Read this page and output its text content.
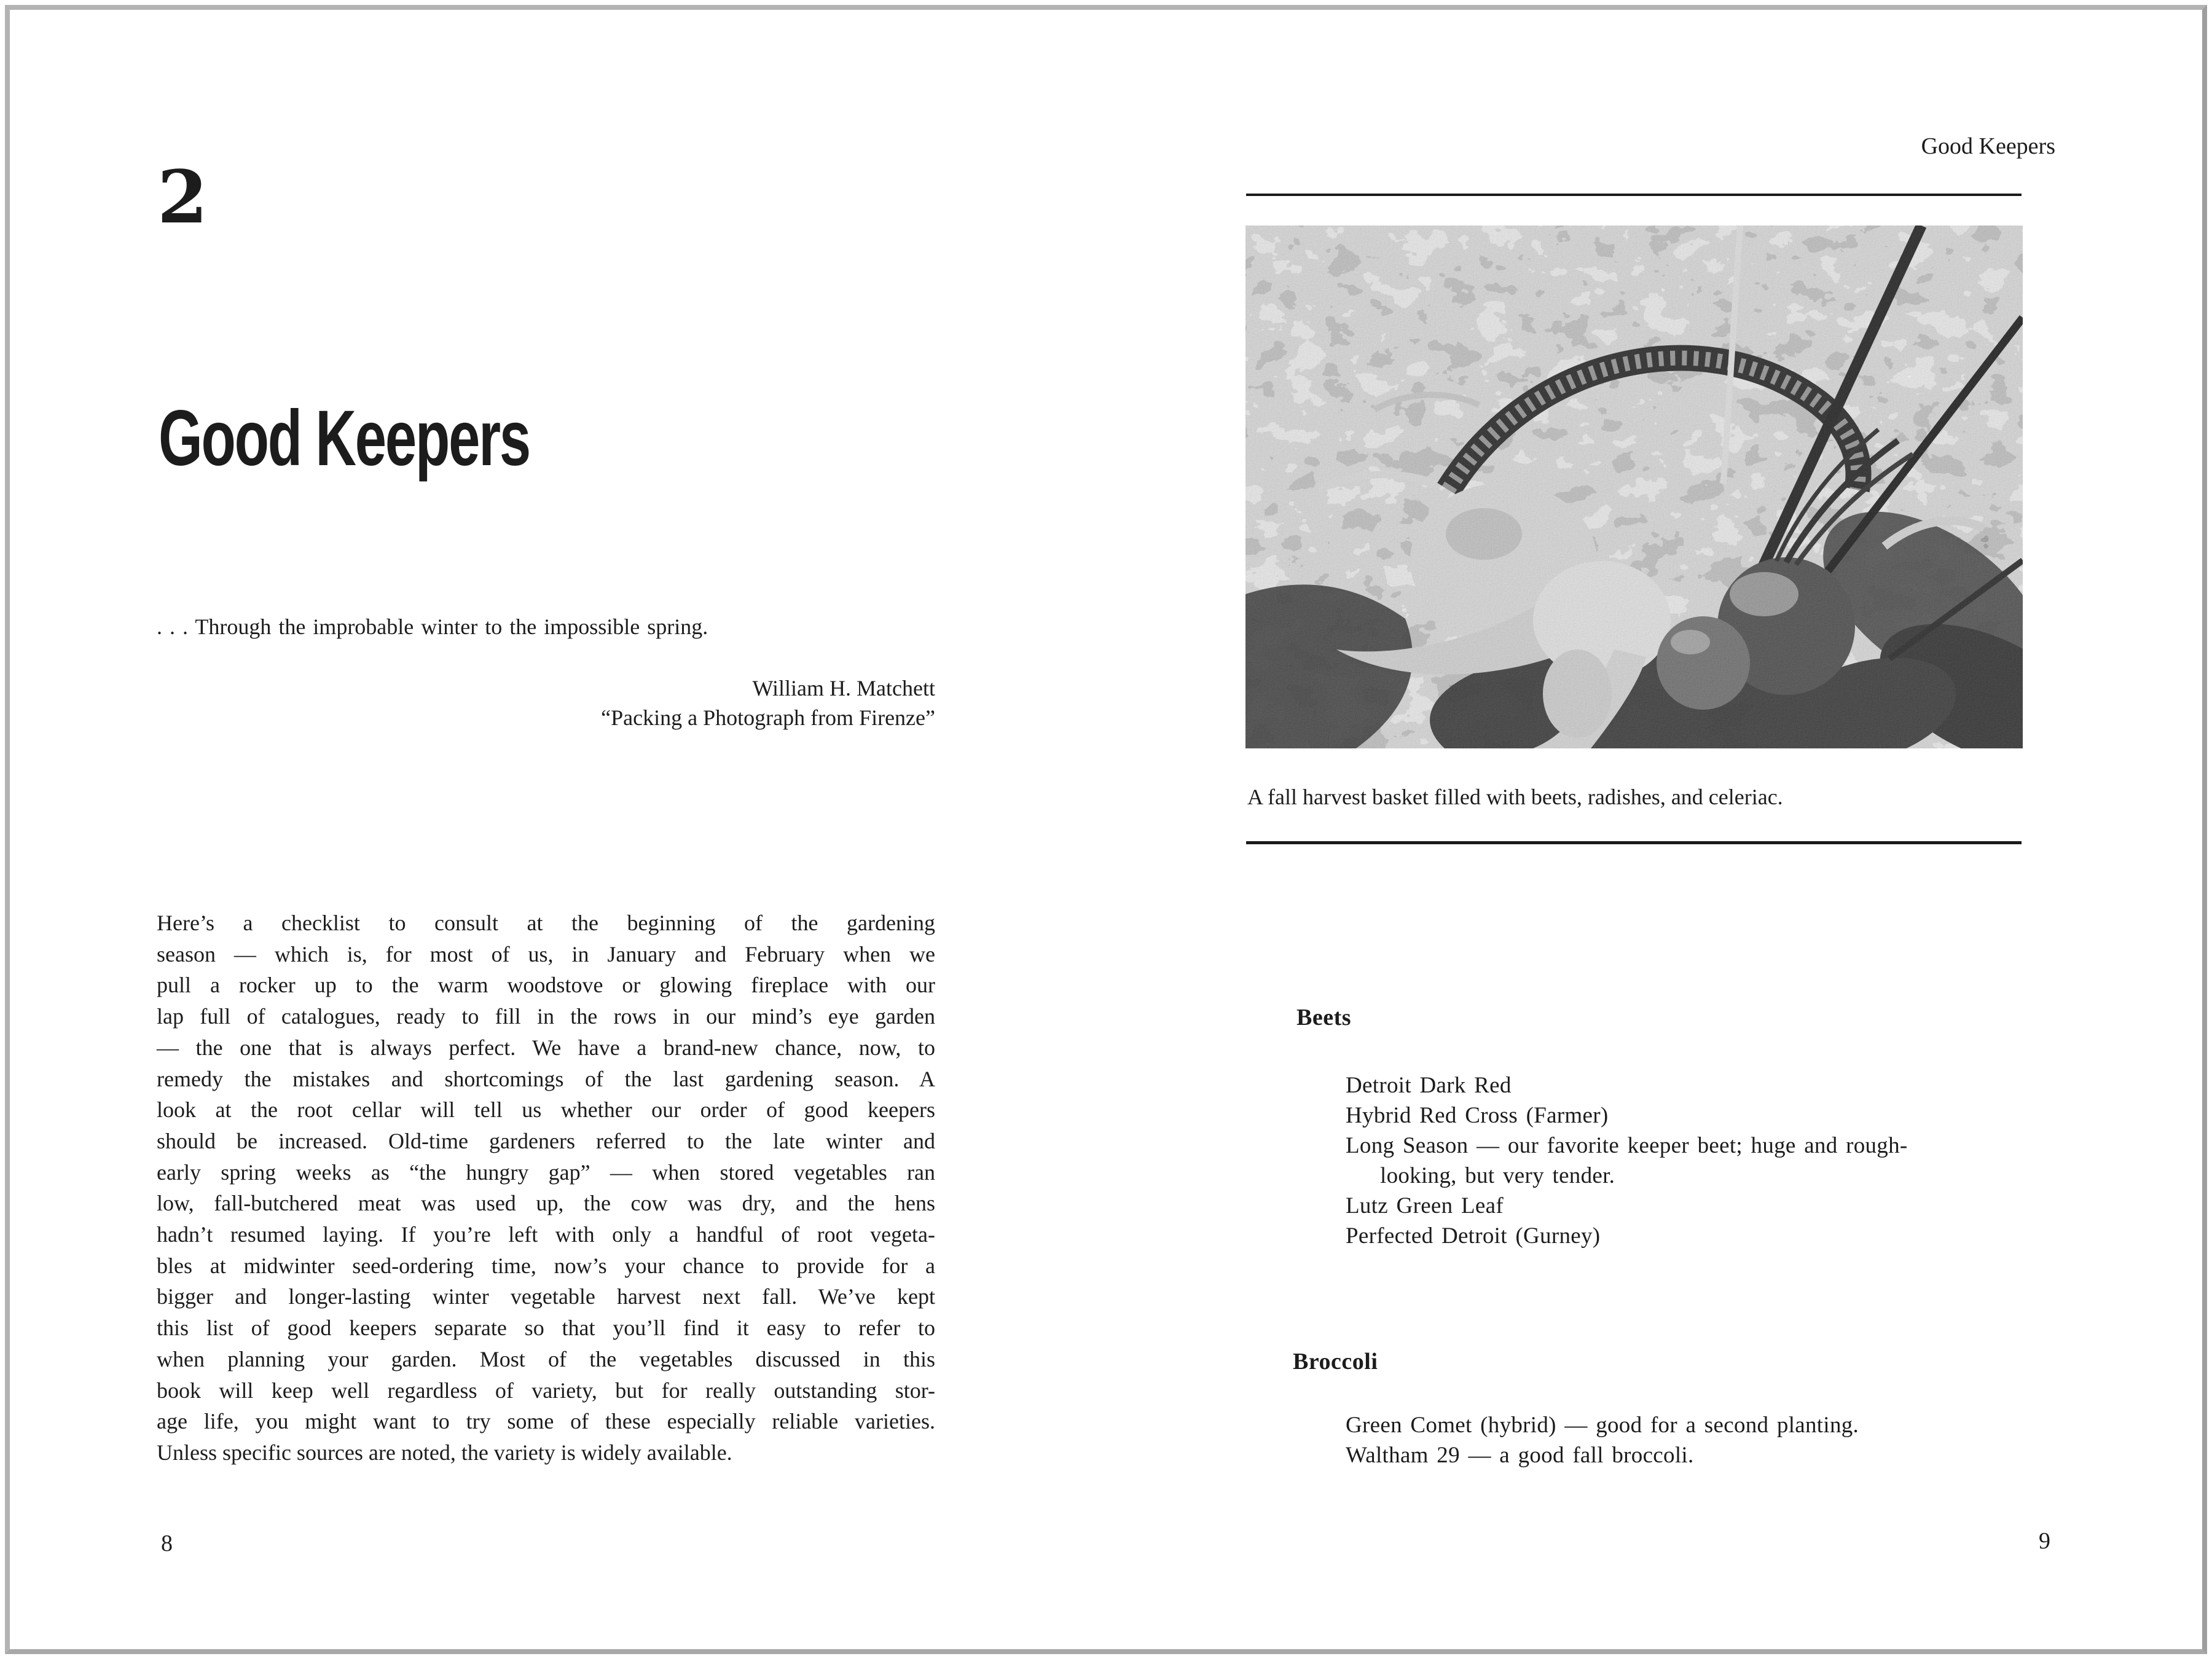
2
Good Keepers
. . . Through the improbable winter to the impossible spring.
William H. Matchett
“Packing a Photograph from Firenze”
Here’s a checklist to consult at the beginning of the gardening
season — which is, for most of us, in January and February when we
pull a rocker up to the warm woodstove or glowing fireplace with our
lap full of catalogues, ready to fill in the rows in our mind’s eye garden
— the one that is always perfect. We have a brand-new chance, now, to
remedy the mistakes and shortcomings of the last gardening season. A
look at the root cellar will tell us whether our order of good keepers
should be increased. Old-time gardeners referred to the late winter and
early spring weeks as “the hungry gap” — when stored vegetables ran
low, fall-butchered meat was used up, the cow was dry, and the hens
hadn’t resumed laying. If you’re left with only a handful of root vegeta-
bles at midwinter seed-ordering time, now’s your chance to provide for a
bigger and longer-lasting winter vegetable harvest next fall. We’ve kept
this list of good keepers separate so that you’ll find it easy to refer to
when planning your garden. Most of the vegetables discussed in this
book will keep well regardless of variety, but for really outstanding stor-
age life, you might want to try some of these especially reliable varieties.
Unless specific sources are noted, the variety is widely available.
8
Good Keepers
A fall harvest basket filled with beets, radishes, and celeriac.
Beets
Detroit Dark Red
Hybrid Red Cross (Farmer)
Long Season — our favorite keeper beet; huge and rough-
looking, but very tender.
Lutz Green Leaf
Perfected Detroit (Gurney)
Broccoli
Green Comet (hybrid) — good for a second planting.
Waltham 29 — a good fall broccoli.
9
